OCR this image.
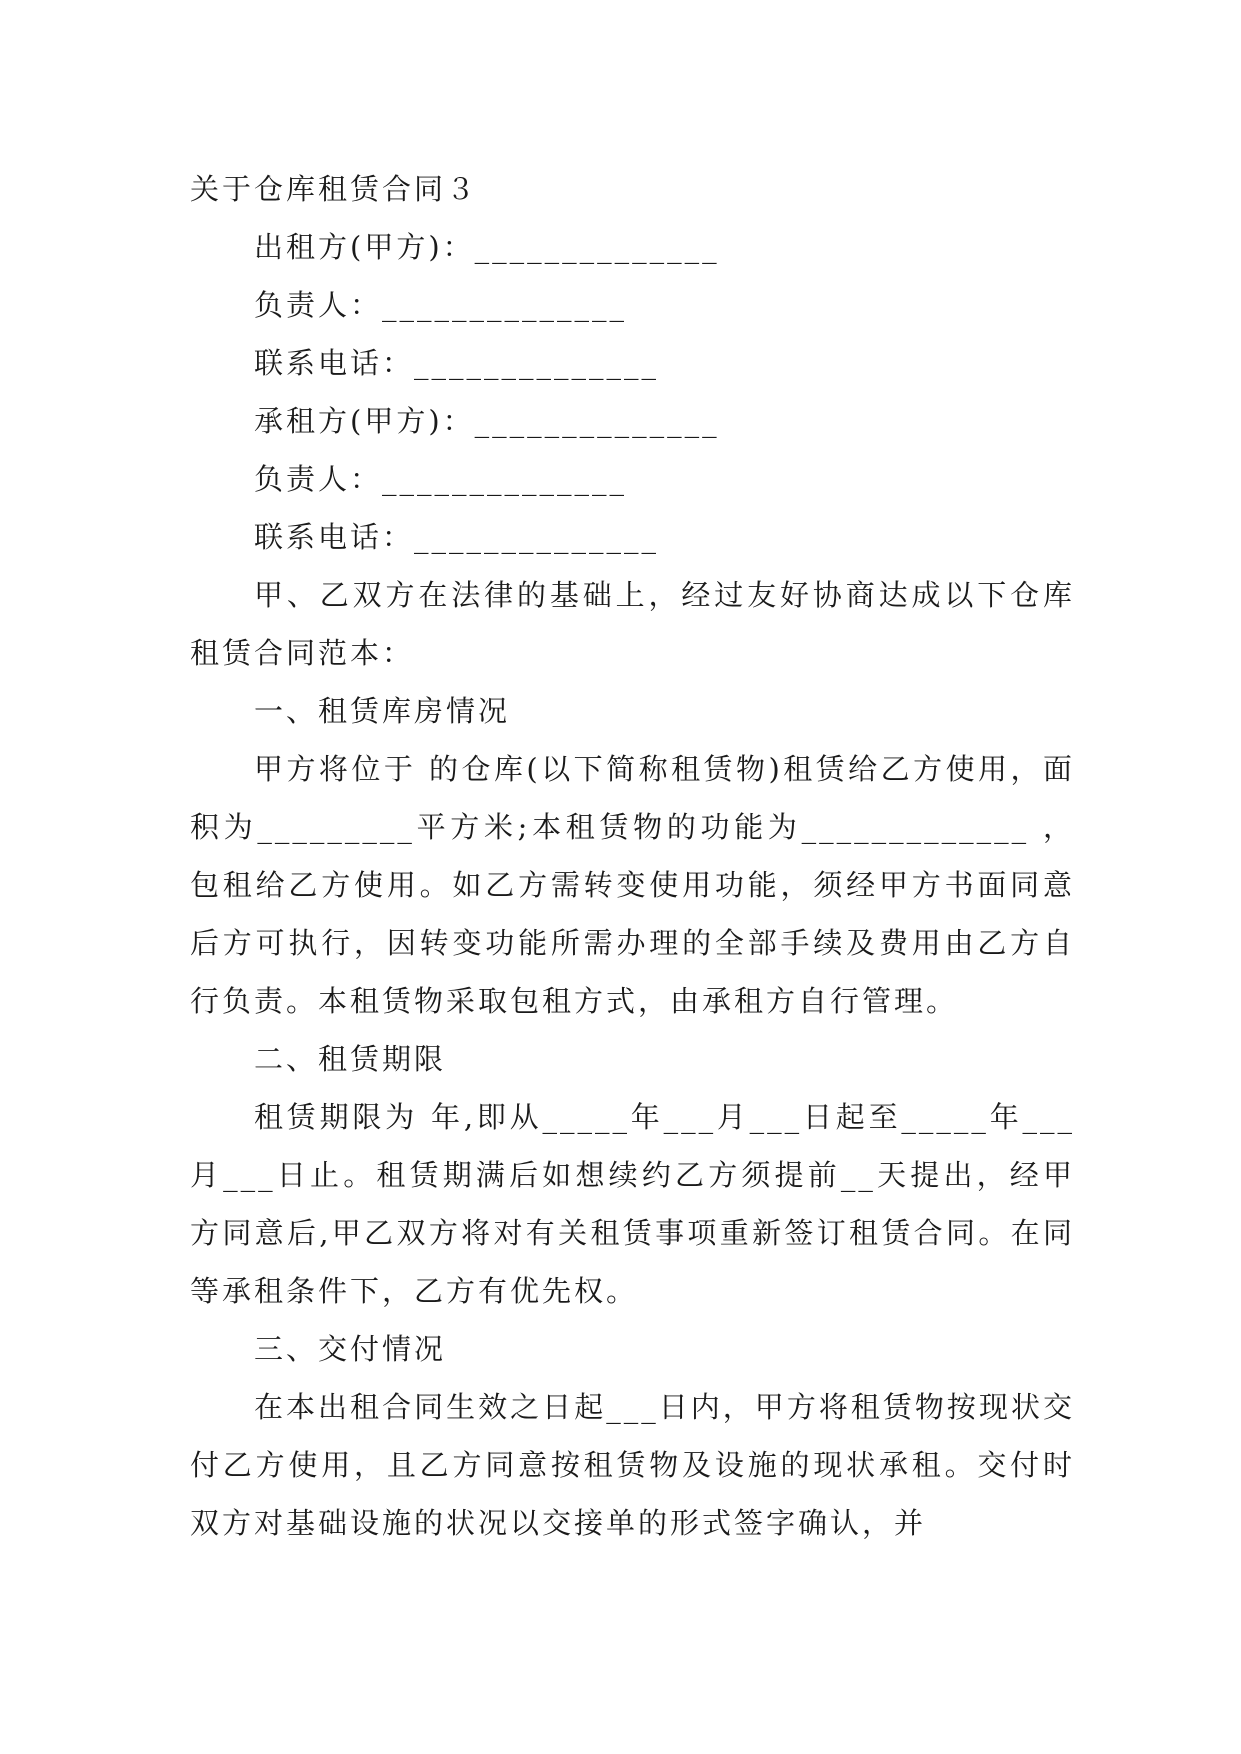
关于仓库租赁合同３

出租方(甲方)：______________

负责人：______________

联系电话：______________

承租方(甲方)：______________

负责人：______________

联系电话：______________

甲、乙双方在法律的基础上，经过友好协商达成以下仓库租赁合同范本：

一、租赁库房情况

甲方将位于 的仓库(以下简称租赁物)租赁给乙方使用，面积为_________平方米;本租赁物的功能为_____________ ，包租给乙方使用。如乙方需转变使用功能，须经甲方书面同意后方可执行，因转变功能所需办理的全部手续及费用由乙方自行负责。本租赁物采取包租方式，由承租方自行管理。

二、租赁期限

租赁期限为 年,即从_____年___月___日起至_____年___月___日止。租赁期满后如想续约乙方须提前__天提出，经甲方同意后,甲乙双方将对有关租赁事项重新签订租赁合同。在同等承租条件下，乙方有优先权。

三、交付情况

在本出租合同生效之日起___日内，甲方将租赁物按现状交付乙方使用，且乙方同意按租赁物及设施的现状承租。交付时双方对基础设施的状况以交接单的形式签字确认，并
